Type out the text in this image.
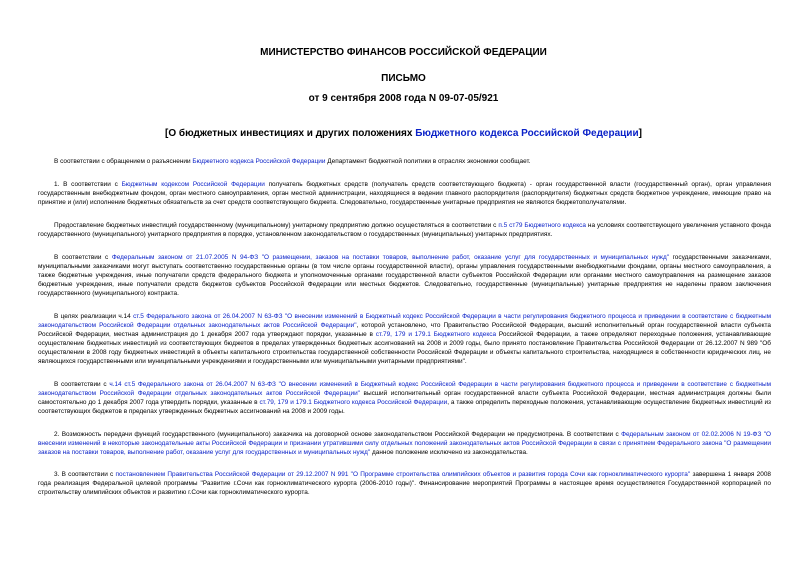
МИНИСТЕРСТВО ФИНАНСОВ РОССИЙСКОЙ ФЕДЕРАЦИИ
ПИСЬМО
от 9 сентября 2008 года N 09-07-05/921
[О бюджетных инвестициях и других положениях Бюджетного кодекса Российской Федерации]

В соответствии с обращением о разъяснении Бюджетного кодекса Российской Федерации Департамент бюджетной политики в отраслях экономики сообщает.

1. В соответствии с Бюджетным кодексом Российской Федерации получатель бюджетных средств (получатель средств соответствующего бюджета) - орган государственной власти (государственный орган), орган управления государственным внебюджетным фондом, орган местного самоуправления, орган местной администрации, находящиеся в ведении главного распорядителя (распорядителя) бюджетных средств бюджетное учреждение, имеющие право на принятие и (или) исполнение бюджетных обязательств за счет средств соответствующего бюджета. Следовательно, государственные унитарные предприятия не являются бюджетополучателями.

Предоставление бюджетных инвестиций государственному (муниципальному) унитарному предприятию должно осуществляться в соответствии с п.5 ст79 Бюджетного кодекса на условиях соответствующего увеличения уставного фонда государственного (муниципального) унитарного предприятия в порядке, установленном законодательством о государственных (муниципальных) унитарных предприятиях.

В соответствии с Федеральным законом от 21.07.2005 N 94-ФЗ "О размещении, заказов на поставки товаров, выполнение работ, оказание услуг для государственных и муниципальных нужд" государственными заказчиками, муниципальными заказчиками могут выступать соответственно государственные органы (в том числе органы государственной власти), органы управления государственными внебюджетными фондами, органы местного самоуправления, а также бюджетные учреждения, иные получатели средств федерального бюджета и уполномоченные органами государственной власти субъектов Российской Федерации или органами местного самоуправления на размещение заказов бюджетные учреждения, иные получатели средств бюджетов субъектов Российской Федерации или местных бюджетов. Следовательно, государственные (муниципальные) унитарные предприятия не наделены правом заключения государственного (муниципального) контракта.

В целях реализации ч.14 ст.5 Федерального закона от 26.04.2007 N 63-ФЗ "О внесении изменений в Бюджетный кодекс Российской Федерации в части регулирования бюджетного процесса и приведении в соответствие с бюджетным законодательством Российской Федерации отдельных законодательных актов Российской Федерации", которой установлено, что Правительство Российской Федерации, высший исполнительный орган государственной власти субъекта Российской Федерации, местная администрация до 1 декабря 2007 года утверждают порядки, указанные в ст.79, 179 и 179.1 Бюджетного кодекса Российской Федерации, а также определяют переходные положения, устанавливающие осуществление бюджетных инвестиций из соответствующих бюджетов в пределах утвержденных бюджетных ассигнований на 2008 и 2009 годы, было принято постановление Правительства Российской Федерации от 26.12.2007 N 989 "Об осуществлении в 2008 году бюджетных инвестиций в объекты капитального строительства государственной собственности Российской Федерации и объекты капитального строительства, находящиеся в собственности юридических лиц, не являющихся государственными или муниципальными учреждениями и государственными или муниципальными унитарными предприятиями".

В соответствии с ч.14 ст.5 Федерального закона от 26.04.2007 N 63-ФЗ "О внесении изменений в Бюджетный кодекс Российской Федерации в части регулирования бюджетного процесса и приведении в соответствие с бюджетным законодательством Российской Федерации отдельных законодательных актов Российской Федерации" высший исполнительный орган государственной власти субъекта Российской Федерации, местная администрация должны были самостоятельно до 1 декабря 2007 года утвердить порядки, указанные в ст.79, 179 и 179.1 Бюджетного кодекса Российской Федерации, а также определить переходные положения, устанавливающие осуществление бюджетных инвестиций из соответствующих бюджетов в пределах утвержденных бюджетных ассигнований на 2008 и 2009 годы.

2. Возможность передачи функций государственного (муниципального) заказчика на договорной основе законодательством Российской Федерации не предусмотрена. В соответствии с Федеральным законом от 02.02.2006 N 19-ФЗ "О внесении изменений в некоторые законодательные акты Российской Федерации и признании утратившими силу отдельных положений законодательных актов Российской Федерации в связи с принятием Федерального закона "О размещении заказов на поставки товаров, выполнение работ, оказание услуг для государственных и муниципальных нужд" данное положение исключено из законодательства.

3. В соответствии с постановлением Правительства Российской Федерации от 29.12.2007 N 991 "О Программе строительства олимпийских объектов и развития города Сочи как горноклиматического курорта" завершена 1 января 2008 года реализация Федеральной целевой программы "Развитие г.Сочи как горноклиматического курорта (2006-2010 годы)". Финансирование мероприятий Программы в настоящее время осуществляется Государственной корпорацией по строительству олимпийских объектов и развитию г.Сочи как горноклиматического курорта.
